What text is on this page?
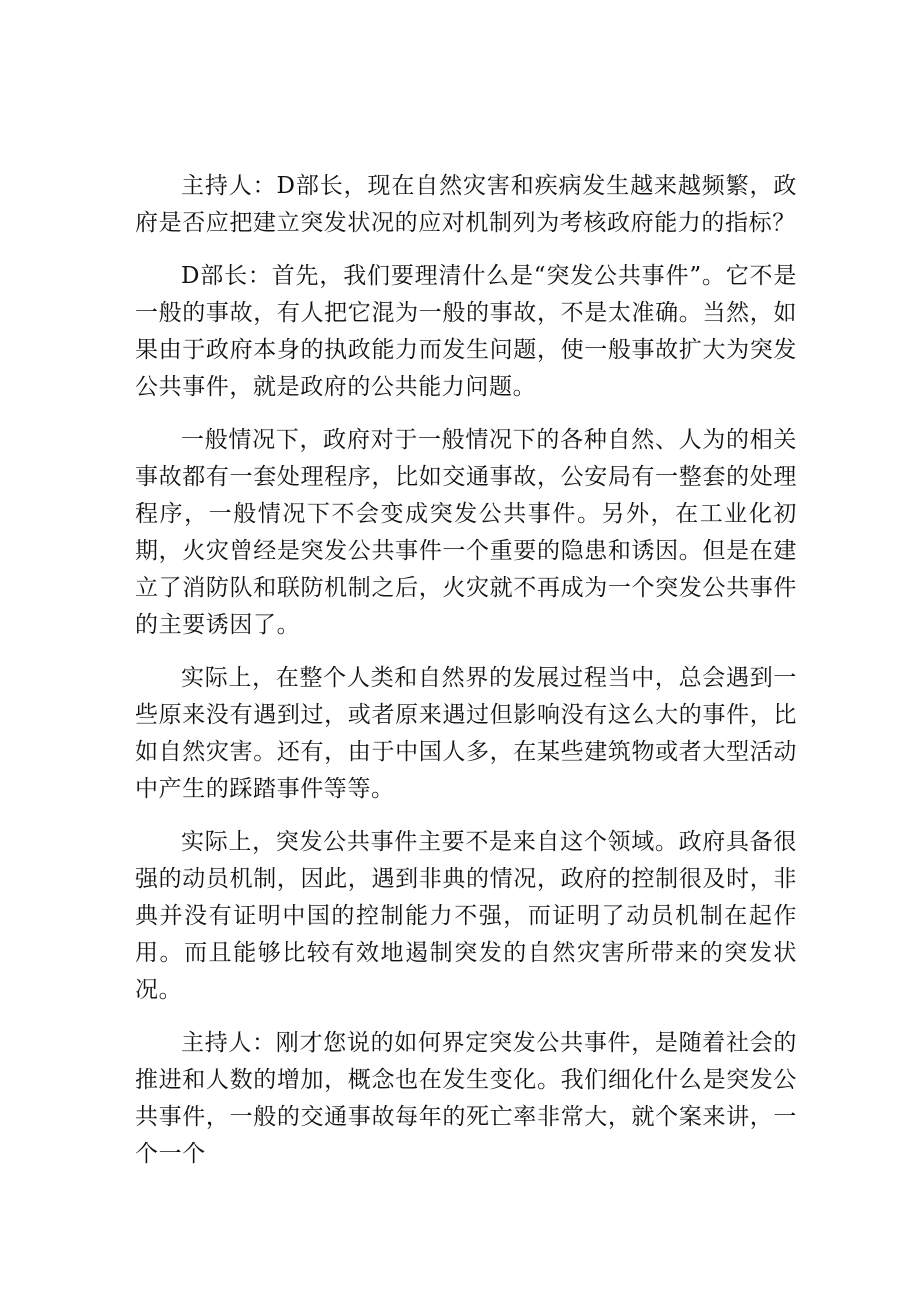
主持人：D部长，现在自然灾害和疾病发生越来越频繁，政府是否应把建立突发状况的应对机制列为考核政府能力的指标？

D部长：首先，我们要理清什么是“突发公共事件”。它不是一般的事故，有人把它混为一般的事故，不是太准确。当然，如果由于政府本身的执政能力而发生问题，使一般事故扩大为突发公共事件，就是政府的公共能力问题。

一般情况下，政府对于一般情况下的各种自然、人为的相关事故都有一套处理程序，比如交通事故，公安局有一整套的处理程序，一般情况下不会变成突发公共事件。另外，在工业化初期，火灾曾经是突发公共事件一个重要的隐患和诱因。但是在建立了消防队和联防机制之后，火灾就不再成为一个突发公共事件的主要诱因了。

实际上，在整个人类和自然界的发展过程当中，总会遇到一些原来没有遇到过，或者原来遇过但影响没有这么大的事件，比如自然灾害。还有，由于中国人多，在某些建筑物或者大型活动中产生的踩踏事件等等。

实际上，突发公共事件主要不是来自这个领域。政府具备很强的动员机制，因此，遇到非典的情况，政府的控制很及时，非典并没有证明中国的控制能力不强，而证明了动员机制在起作用。而且能够比较有效地遏制突发的自然灾害所带来的突发状况。

主持人：刚才您说的如何界定突发公共事件，是随着社会的推进和人数的增加，概念也在发生变化。我们细化什么是突发公共事件，一般的交通事故每年的死亡率非常大，就个案来讲，一个一个
